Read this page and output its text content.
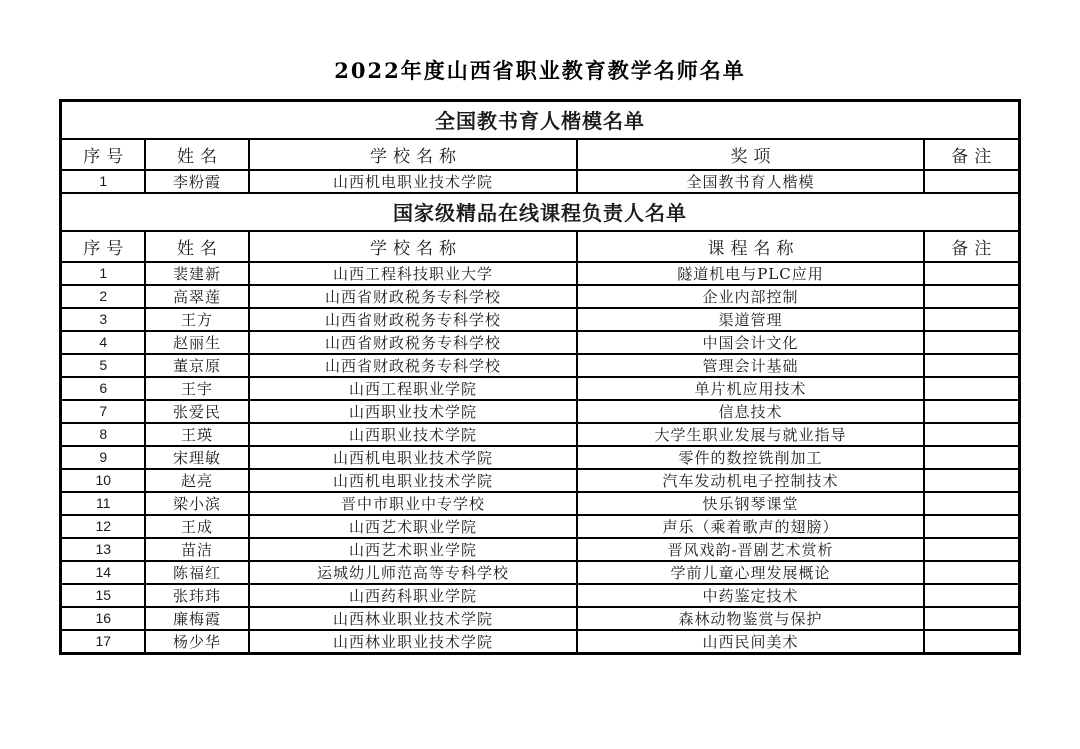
2022年度山西省职业教育教学名师名单
全国教书育人楷模名单				
序号	姓名	学校名称	奖项	备注
1	李粉霞	山西机电职业技术学院	全国教书育人楷模	
国家级精品在线课程负责人名单				
序号	姓名	学校名称	课程名称	备注
1	裴建新	山西工程科技职业大学	隧道机电与PLC应用	
2	高翠莲	山西省财政税务专科学校	企业内部控制	
3	王方	山西省财政税务专科学校	渠道管理	
4	赵丽生	山西省财政税务专科学校	中国会计文化	
5	董京原	山西省财政税务专科学校	管理会计基础	
6	王宇	山西工程职业学院	单片机应用技术	
7	张爱民	山西职业技术学院	信息技术	
8	王瑛	山西职业技术学院	大学生职业发展与就业指导	
9	宋理敏	山西机电职业技术学院	零件的数控铣削加工	
10	赵亮	山西机电职业技术学院	汽车发动机电子控制技术	
11	梁小滨	晋中市职业中专学校	快乐钢琴课堂	
12	王成	山西艺术职业学院	声乐（乘着歌声的翅膀）	
13	苗洁	山西艺术职业学院	晋风戏韵-晋剧艺术赏析	
14	陈福红	运城幼儿师范高等专科学校	学前儿童心理发展概论	
15	张玮玮	山西药科职业学院	中药鉴定技术	
16	廉梅霞	山西林业职业技术学院	森林动物鉴赏与保护	
17	杨少华	山西林业职业技术学院	山西民间美术	
